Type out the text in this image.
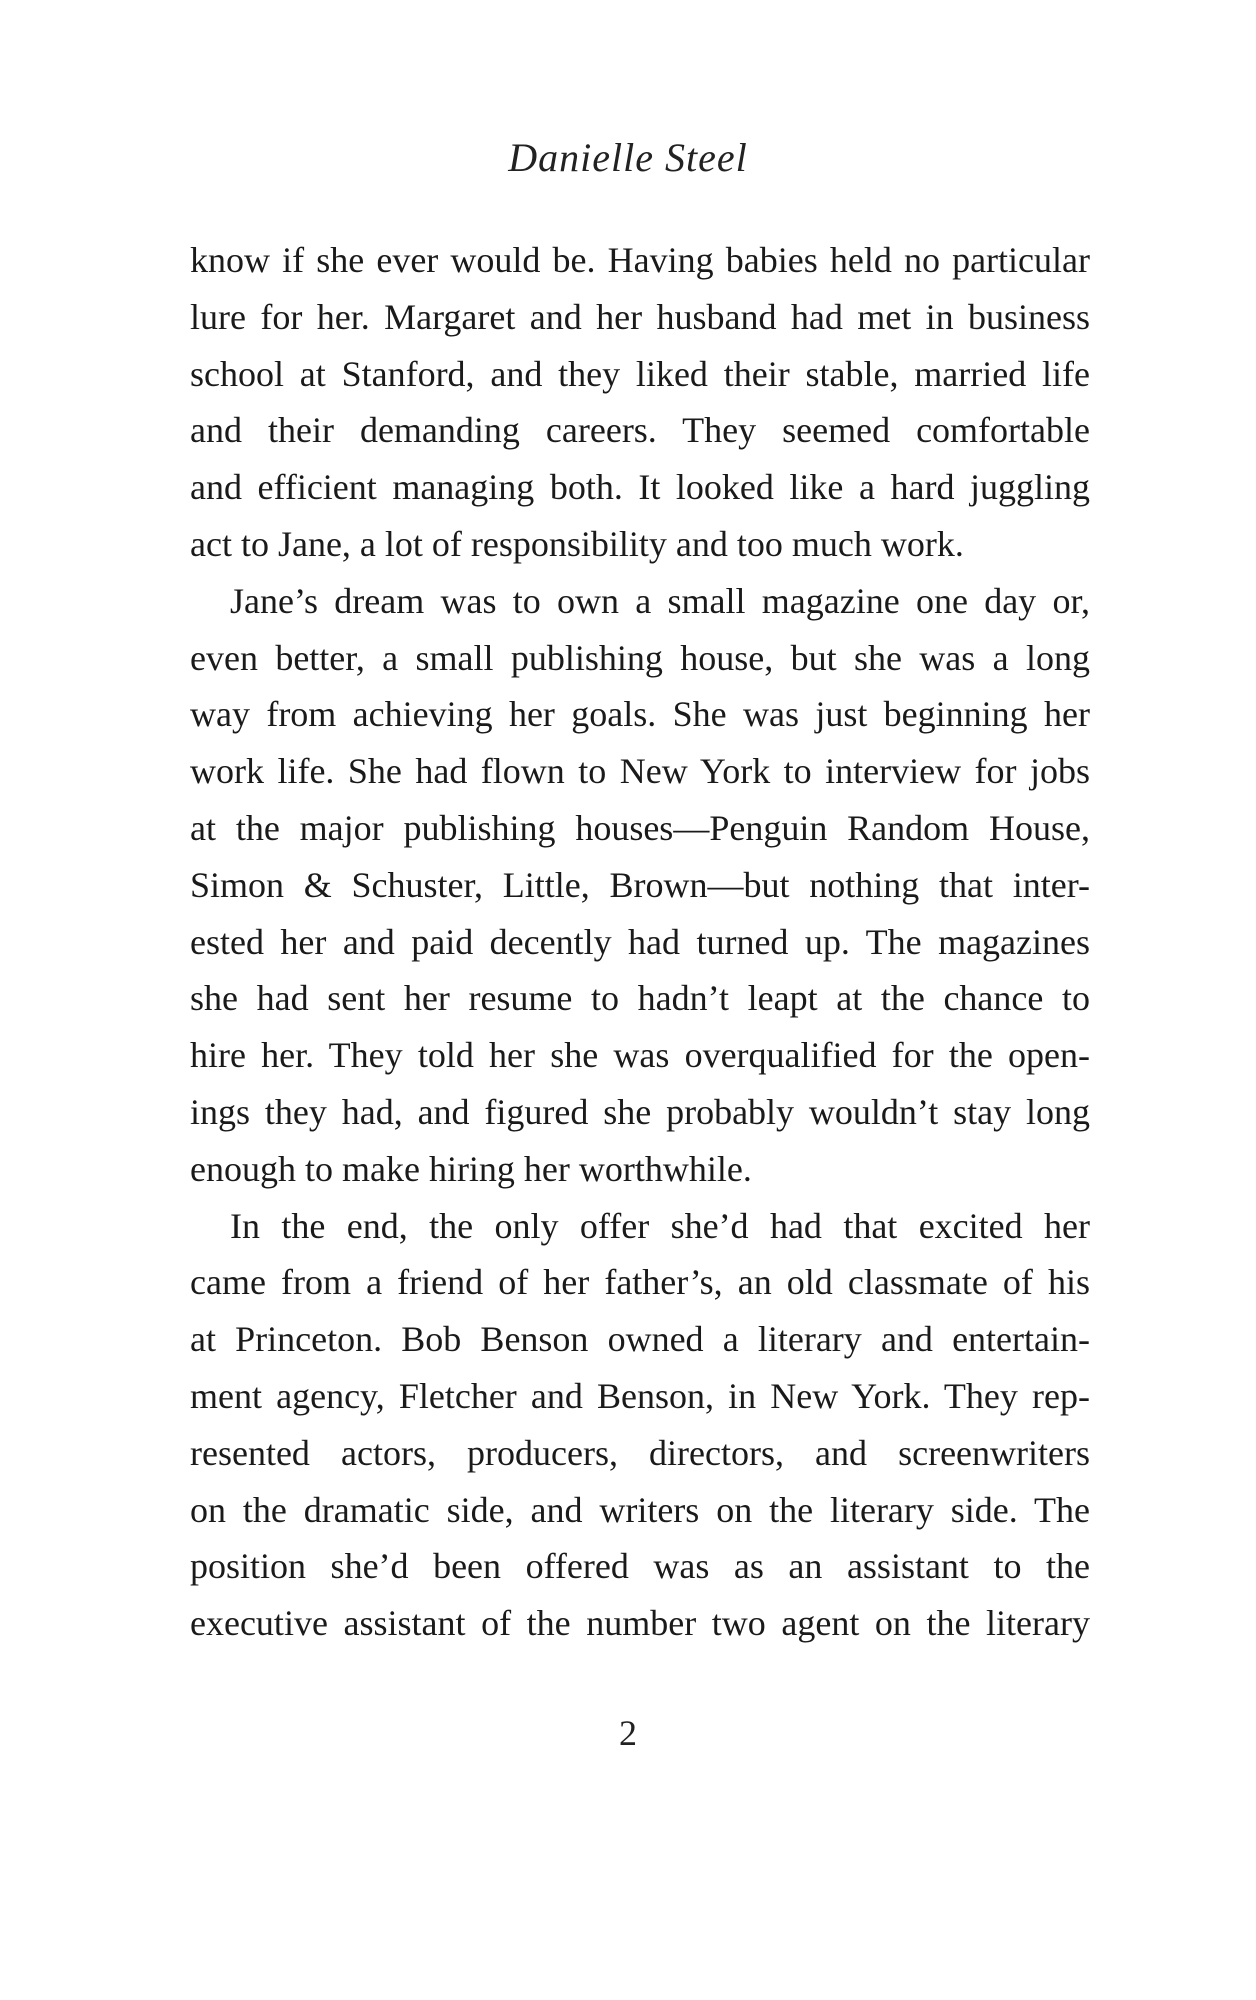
Danielle Steel

know if she ever would be. Having babies held no particular
lure for her. Margaret and her husband had met in business
school at Stanford, and they liked their stable, married life
and their demanding careers. They seemed comfortable
and efficient managing both. It looked like a hard juggling
act to Jane, a lot of responsibility and too much work.

Jane’s dream was to own a small magazine one day or,
even better, a small publishing house, but she was a long
way from achieving her goals. She was just beginning her
work life. She had flown to New York to interview for jobs
at the major publishing houses—Penguin Random House,
Simon & Schuster, Little, Brown—but nothing that inter-
ested her and paid decently had turned up. The magazines
she had sent her resume to hadn’t leapt at the chance to
hire her. They told her she was overqualified for the open-
ings they had, and figured she probably wouldn’t stay long
enough to make hiring her worthwhile.

In the end, the only offer she’d had that excited her
came from a friend of her father’s, an old classmate of his
at Princeton. Bob Benson owned a literary and entertain-
ment agency, Fletcher and Benson, in New York. They rep-
resented actors, producers, directors, and screenwriters
on the dramatic side, and writers on the literary side. The
position she’d been offered was as an assistant to the
executive assistant of the number two agent on the literary

2
